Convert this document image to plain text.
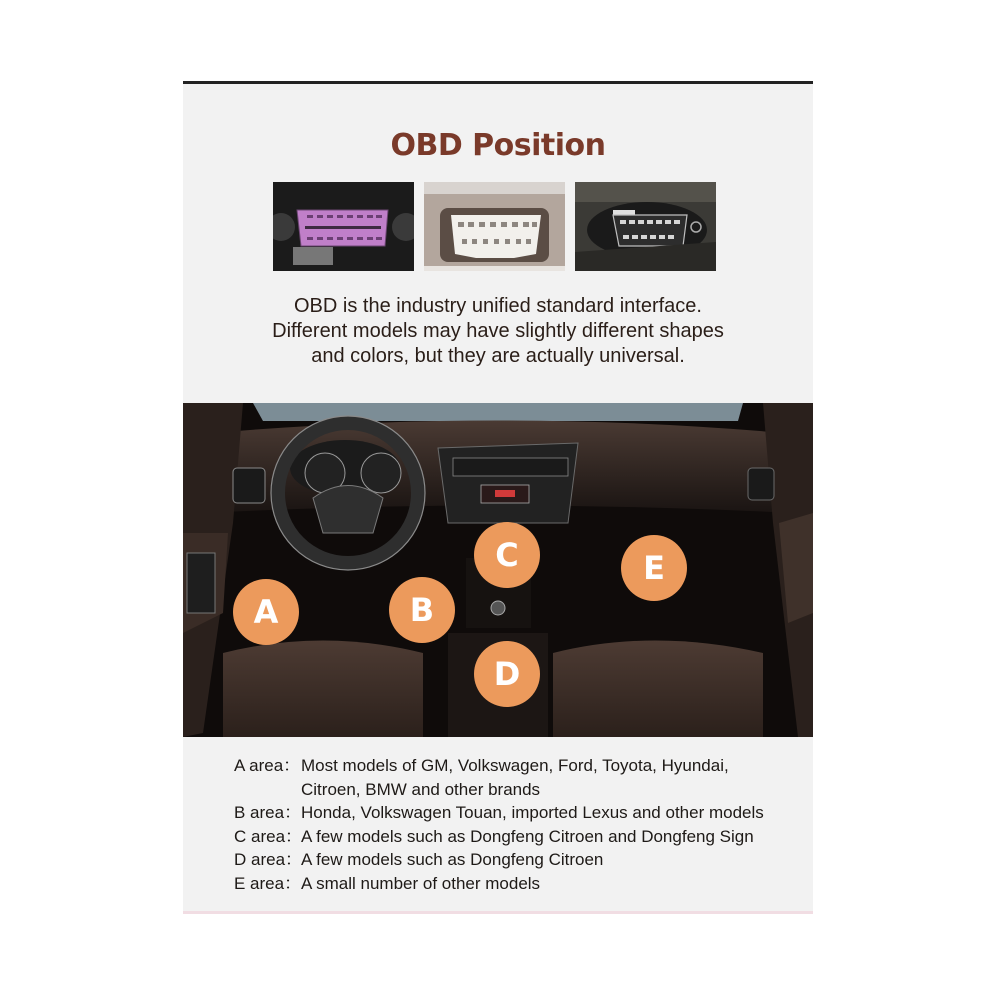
OBD Position
OBD is the industry unified standard interface.
Different models may have slightly different shapes
and colors, but they are actually universal.
A	B
C
D
E
A area： Most models of GM, Volkswagen, Ford, Toyota, Hyundai,
Citroen, BMW and other brands
B area： Honda, Volkswagen Touan, imported Lexus and other models
C area：
A few models such as Dongfeng Citroen and Dongfeng Sign
D area：
A few models such as Dongfeng Citroen
E area： A small number of other models
